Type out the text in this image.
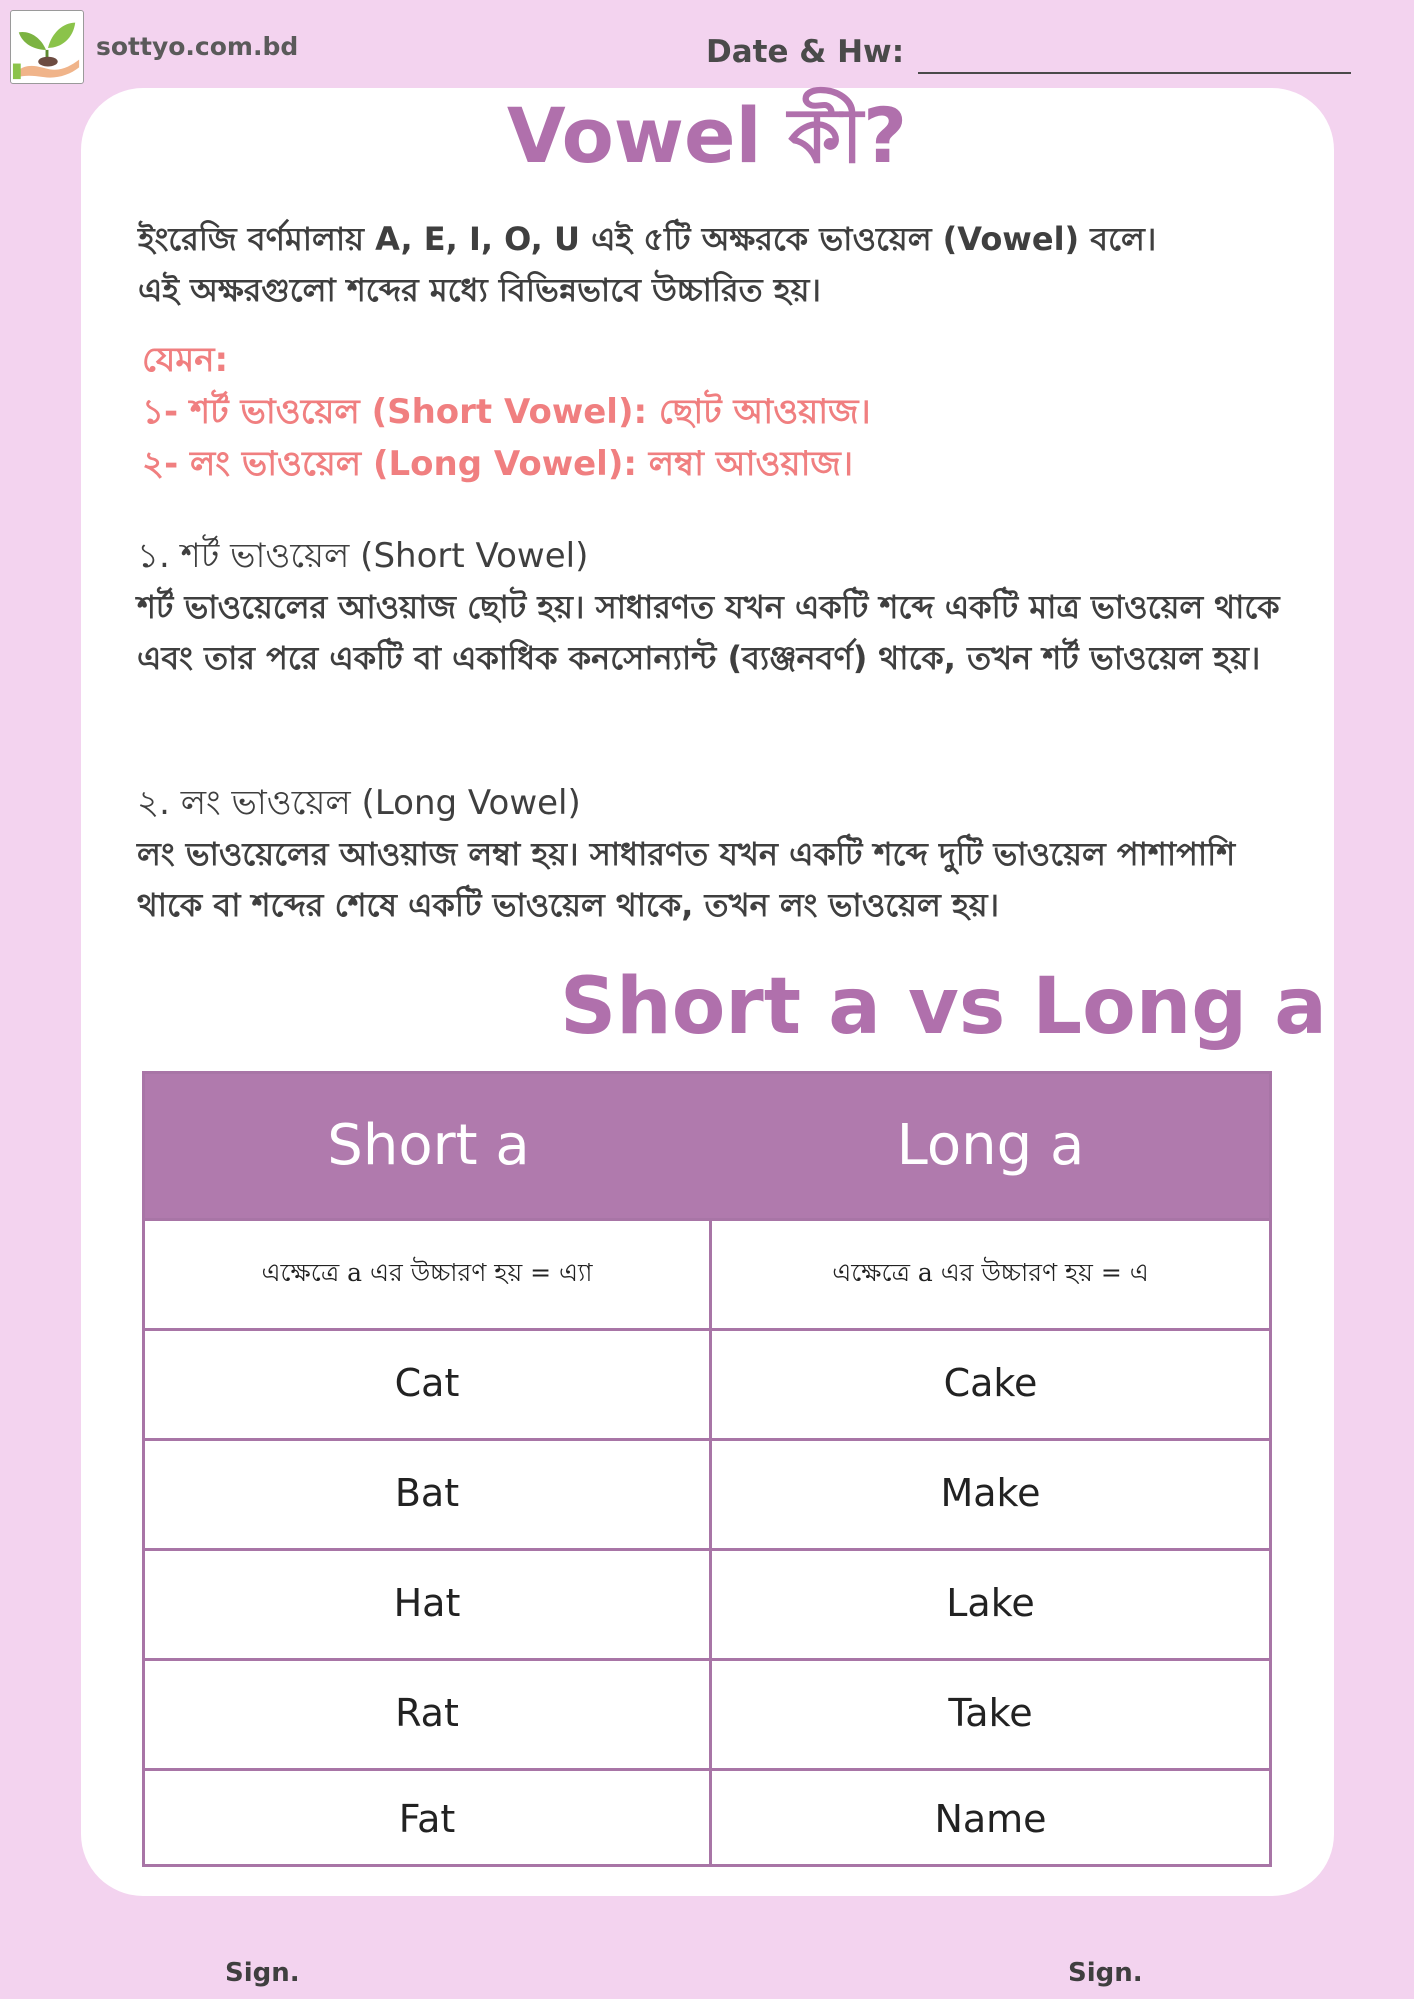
sottyo.com.bd	Date & Hw:
Vowel কী?
ইংরেজি বর্ণমালায় A, E, I, O, U এই ৫টি অক্ষরকে ভাওয়েল (Vowel) বলে।
এই অক্ষরগুলো শব্দের মধ্যে বিভিন্নভাবে উচ্চারিত হয়।
যেমন:
১- শর্ট ভাওয়েল (Short Vowel): ছোট আওয়াজ।
২- লং ভাওয়েল (Long Vowel): লম্বা আওয়াজ।
১. শর্ট ভাওয়েল (Short Vowel)
শর্ট ভাওয়েলের আওয়াজ ছোট হয়। সাধারণত যখন একটি শব্দে একটি মাত্র ভাওয়েল থাকে এবং তার পরে একটি বা একাধিক কনসোন্যান্ট (ব্যঞ্জনবর্ণ) থাকে, তখন শর্ট ভাওয়েল হয়।
২. লং ভাওয়েল (Long Vowel)
লং ভাওয়েলের আওয়াজ লম্বা হয়। সাধারণত যখন একটি শব্দে দুটি ভাওয়েল পাশাপাশি থাকে বা শব্দের শেষে একটি ভাওয়েল থাকে, তখন লং ভাওয়েল হয়।
Short a vs Long a
Short a	Long a
এক্ষেত্রে a এর উচ্চারণ হয় = এ্যা	এক্ষেত্রে a এর উচ্চারণ হয় = এ
Cat	Cake
Bat	Make
Hat	Lake
Rat	Take
Fat	Name
Sign.	Sign.
